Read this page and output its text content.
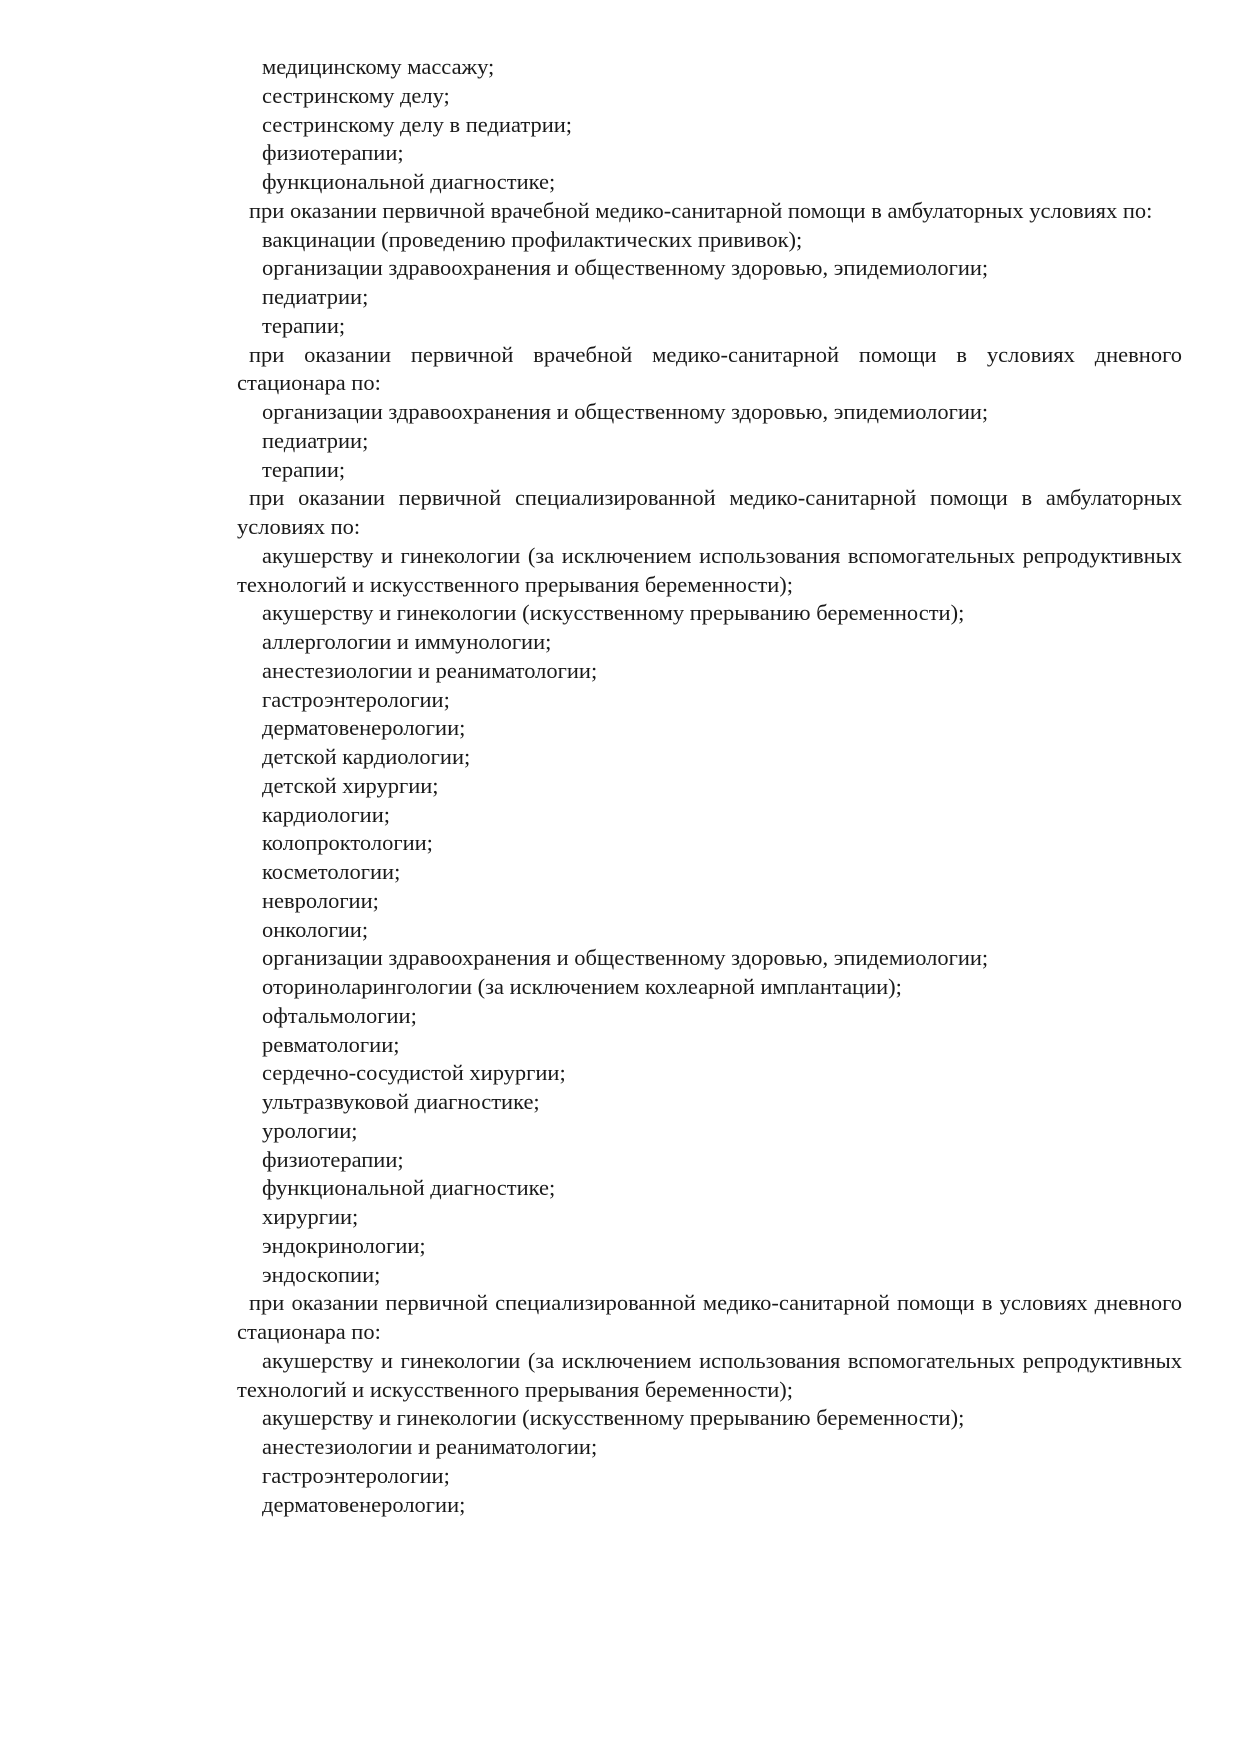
медицинскому массажу;
сестринскому делу;
сестринскому делу в педиатрии;
физиотерапии;
функциональной диагностике;
при оказании первичной врачебной медико-санитарной помощи в амбулаторных условиях по:
вакцинации (проведению профилактических прививок);
организации здравоохранения и общественному здоровью, эпидемиологии;
педиатрии;
терапии;
при оказании первичной врачебной медико-санитарной помощи в условиях дневного стационара по:
организации здравоохранения и общественному здоровью, эпидемиологии;
педиатрии;
терапии;
при оказании первичной специализированной медико-санитарной помощи в амбулаторных условиях по:
акушерству и гинекологии (за исключением использования вспомогательных репродуктивных технологий и искусственного прерывания беременности);
акушерству и гинекологии (искусственному прерыванию беременности);
аллергологии и иммунологии;
анестезиологии и реаниматологии;
гастроэнтерологии;
дерматовенерологии;
детской кардиологии;
детской хирургии;
кардиологии;
колопроктологии;
косметологии;
неврологии;
онкологии;
организации здравоохранения и общественному здоровью, эпидемиологии;
оториноларингологии (за исключением кохлеарной имплантации);
офтальмологии;
ревматологии;
сердечно-сосудистой хирургии;
ультразвуковой диагностике;
урологии;
физиотерапии;
функциональной диагностике;
хирургии;
эндокринологии;
эндоскопии;
при оказании первичной специализированной медико-санитарной помощи в условиях дневного стационара по:
акушерству и гинекологии (за исключением использования вспомогательных репродуктивных технологий и искусственного прерывания беременности);
акушерству и гинекологии (искусственному прерыванию беременности);
анестезиологии и реаниматологии;
гастроэнтерологии;
дерматовенерологии;
